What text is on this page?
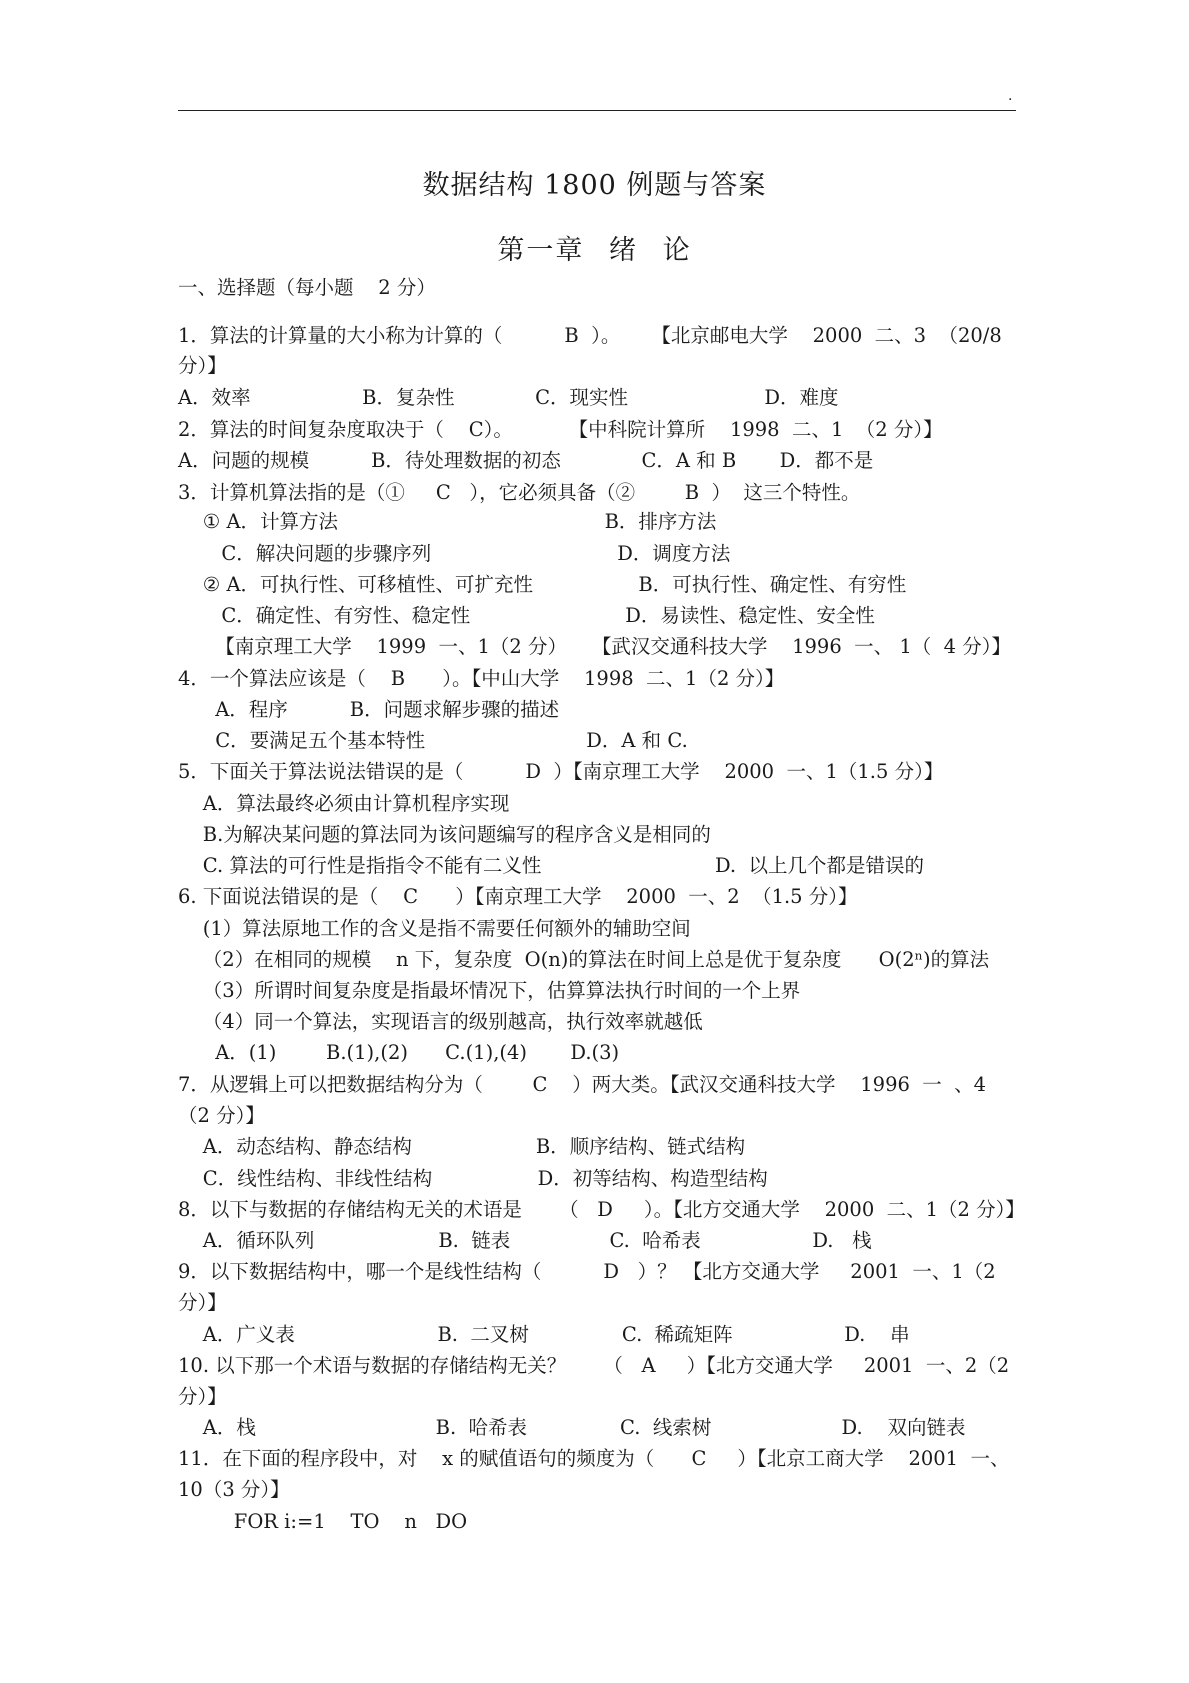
.
数据结构 1800 例题与答案
第一章 绪 论
一、选择题（每小题    2 分）
1．算法的计算量的大小称为计算的（          B  ）。     【北京邮电大学    2000  二、3  （20/8
分）】
A．效率                  B．复杂性             C．现实性                      D．难度
2．算法的时间复杂度取决于（    C）。         【中科院计算所    1998  二、1  （2 分）】
A．问题的规模          B．待处理数据的初态             C．A 和 B       D．都不是
3．计算机算法指的是（①     C   ），它必须具备（②        B  ）  这三个特性。
① A．计算方法                                           B．排序方法
C．解决问题的步骤序列                              D．调度方法
② A．可执行性、可移植性、可扩充性                 B．可执行性、确定性、有穷性
C．确定性、有穷性、稳定性                         D．易读性、稳定性、安全性
【南京理工大学    1999  一、1（2 分）    【武汉交通科技大学    1996  一、 1（  4 分）】
4．一个算法应该是（    B      ）。【中山大学    1998  二、1（2 分）】
A．程序          B．问题求解步骤的描述
C．要满足五个基本特性                          D．A 和 C.
5．下面关于算法说法错误的是（          D  ）【南京理工大学    2000  一、1（1.5 分）】
A．算法最终必须由计算机程序实现
B.为解决某问题的算法同为该问题编写的程序含义是相同的
C. 算法的可行性是指指令不能有二义性                            D.  以上几个都是错误的
6. 下面说法错误的是（    C      ）【南京理工大学    2000  一、2  （1.5 分）】
(1）算法原地工作的含义是指不需要任何额外的辅助空间
（2）在相同的规模    n 下，复杂度  O(n)的算法在时间上总是优于复杂度      O(2ⁿ)的算法
（3）所谓时间复杂度是指最坏情况下，估算算法执行时间的一个上界
（4）同一个算法，实现语言的级别越高，执行效率就越低
A．(1)        B.(1),(2)      C.(1),(4)       D.(3)
7．从逻辑上可以把数据结构分为（        C    ）两大类。【武汉交通科技大学    1996  一  、4
（2 分）】
A．动态结构、静态结构                    B．顺序结构、链式结构
C．线性结构、非线性结构                 D．初等结构、构造型结构
8．以下与数据的存储结构无关的术语是      （   D     ）。【北方交通大学    2000  二、1（2 分）】
A．循环队列                    B.  链表                C.  哈希表                  D.   栈
9．以下数据结构中，哪一个是线性结构（          D   ）？ 【北方交通大学     2001  一、1（2
分）】
A．广义表                       B.  二叉树               C.  稀疏矩阵                  D.    串
10. 以下那一个术语与数据的存储结构无关？      （   A     ）【北方交通大学     2001  一、2（2
分）】
A．栈                             B.  哈希表               C.  线索树                     D.    双向链表
11．在下面的程序段中，对    x 的赋值语句的频度为（      C     ）【北京工商大学    2001  一、
10（3 分）】
FOR i:=1    TO    n   DO
